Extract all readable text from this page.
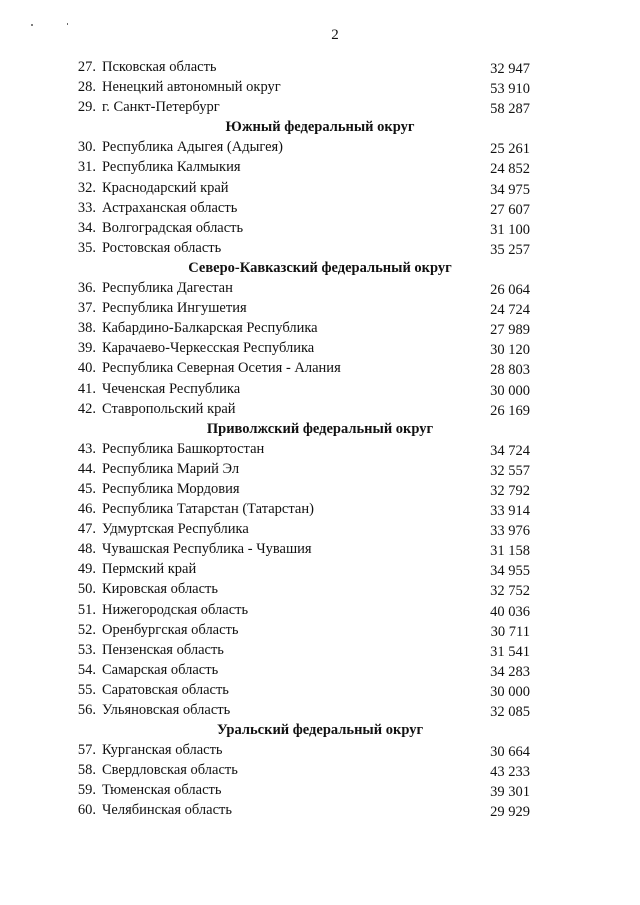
2
27. Псковская область	32 947
28. Ненецкий автономный округ	53 910
29. г. Санкт-Петербург	58 287
Южный федеральный округ
30. Республика Адыгея (Адыгея)	25 261
31. Республика Калмыкия	24 852
32. Краснодарский край	34 975
33. Астраханская область	27 607
34. Волгоградская область	31 100
35. Ростовская область	35 257
Северо-Кавказский федеральный округ
36. Республика Дагестан	26 064
37. Республика Ингушетия	24 724
38. Кабардино-Балкарская Республика	27 989
39. Карачаево-Черкесская Республика	30 120
40. Республика Северная Осетия - Алания	28 803
41. Чеченская Республика	30 000
42. Ставропольский край	26 169
Приволжский федеральный округ
43. Республика Башкортостан	34 724
44. Республика Марий Эл	32 557
45. Республика Мордовия	32 792
46. Республика Татарстан (Татарстан)	33 914
47. Удмуртская Республика	33 976
48. Чувашская Республика - Чувашия	31 158
49. Пермский край	34 955
50. Кировская область	32 752
51. Нижегородская область	40 036
52. Оренбургская область	30 711
53. Пензенская область	31 541
54. Самарская область	34 283
55. Саратовская область	30 000
56. Ульяновская область	32 085
Уральский федеральный округ
57. Курганская область	30 664
58. Свердловская область	43 233
59. Тюменская область	39 301
60. Челябинская область	29 929
